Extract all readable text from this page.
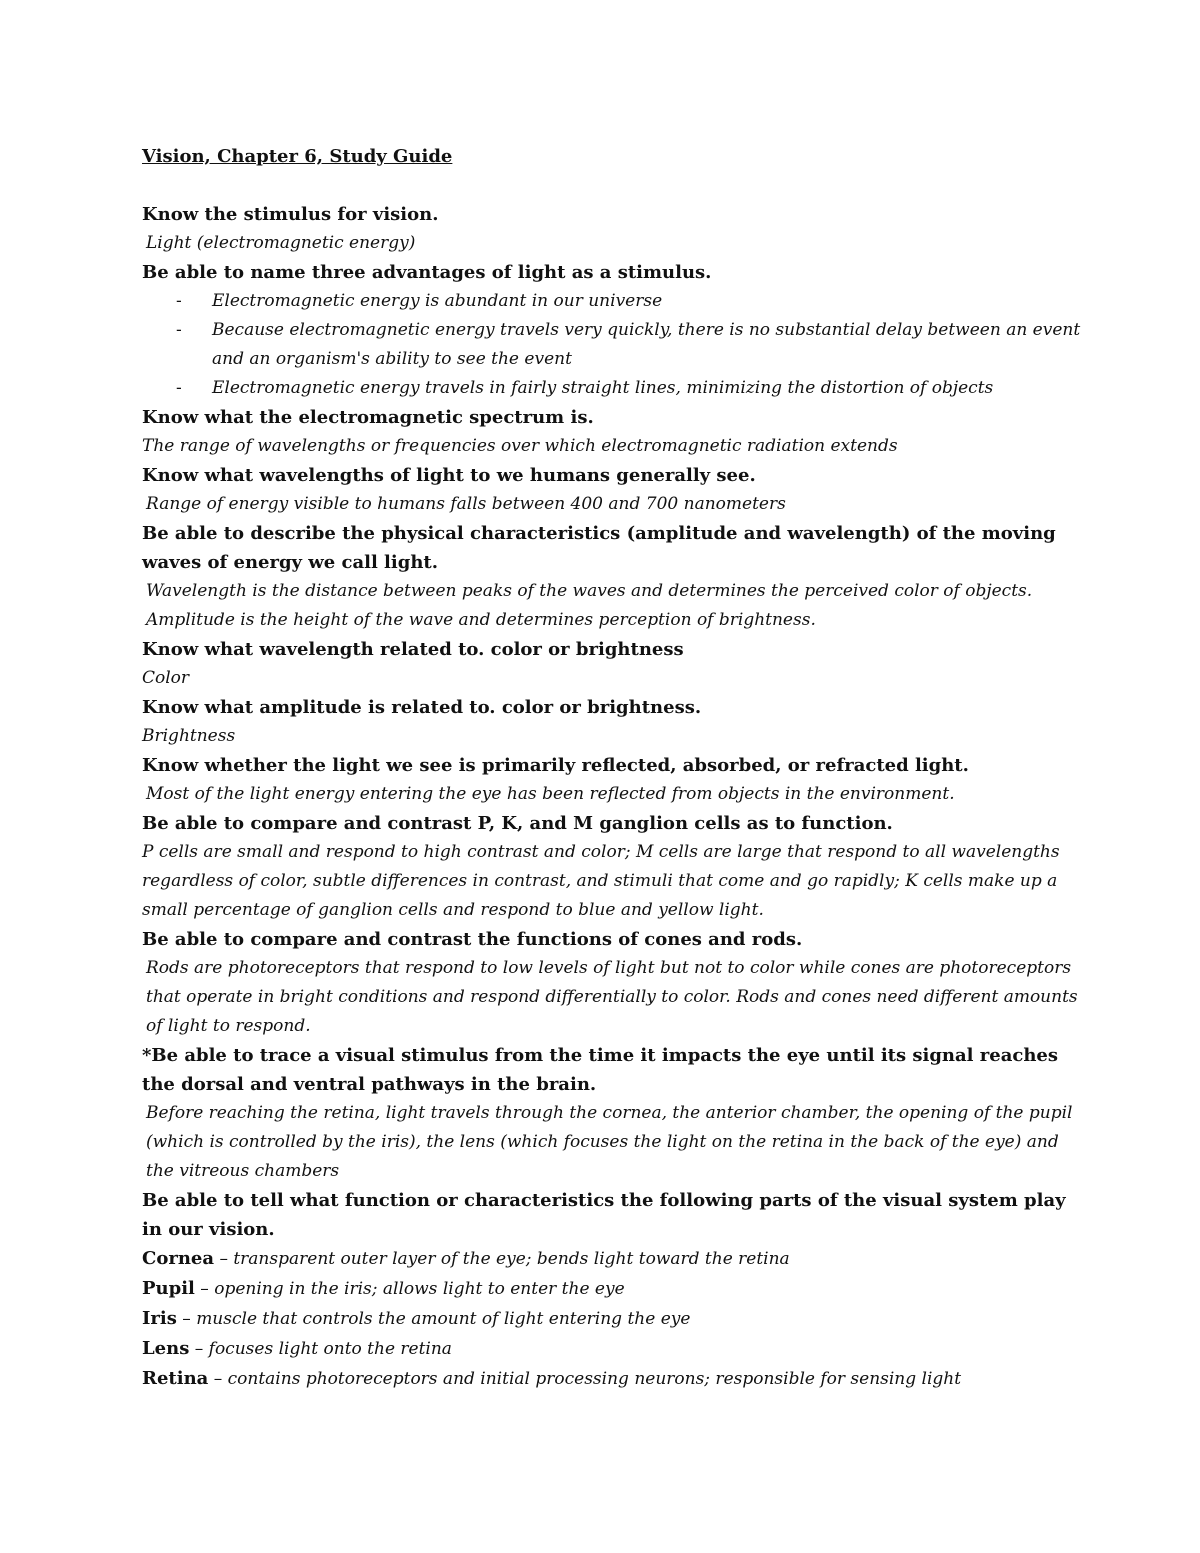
Vision, Chapter 6, Study Guide

Know the stimulus for vision.

Light (electromagnetic energy)

Be able to name three advantages of light as a stimulus.

- Electromagnetic energy is abundant in our universe
- Because electromagnetic energy travels very quickly, there is no substantial delay between an event and an organism's ability to see the event
- Electromagnetic energy travels in fairly straight lines, minimizing the distortion of objects

Know what the electromagnetic spectrum is.

The range of wavelengths or frequencies over which electromagnetic radiation extends

Know what wavelengths of light to we humans generally see.

Range of energy visible to humans falls between 400 and 700 nanometers

Be able to describe the physical characteristics (amplitude and wavelength) of the moving waves of energy we call light.

Wavelength is the distance between peaks of the waves and determines the perceived color of objects. Amplitude is the height of the wave and determines perception of brightness.

Know what wavelength related to. color or brightness

Color

Know what amplitude is related to. color or brightness.

Brightness

Know whether the light we see is primarily reflected, absorbed, or refracted light.

Most of the light energy entering the eye has been reflected from objects in the environment.

Be able to compare and contrast P, K, and M ganglion cells as to function.

P cells are small and respond to high contrast and color; M cells are large that respond to all wavelengths regardless of color, subtle differences in contrast, and stimuli that come and go rapidly; K cells make up a small percentage of ganglion cells and respond to blue and yellow light.

Be able to compare and contrast the functions of cones and rods.

Rods are photoreceptors that respond to low levels of light but not to color while cones are photoreceptors that operate in bright conditions and respond differentially to color. Rods and cones need different amounts of light to respond.

*Be able to trace a visual stimulus from the time it impacts the eye until its signal reaches the dorsal and ventral pathways in the brain.

Before reaching the retina, light travels through the cornea, the anterior chamber, the opening of the pupil (which is controlled by the iris), the lens (which focuses the light on the retina in the back of the eye) and the vitreous chambers

Be able to tell what function or characteristics the following parts of the visual system play in our vision.

Cornea – transparent outer layer of the eye; bends light toward the retina

Pupil – opening in the iris; allows light to enter the eye

Iris – muscle that controls the amount of light entering the eye

Lens – focuses light onto the retina

Retina – contains photoreceptors and initial processing neurons; responsible for sensing light
